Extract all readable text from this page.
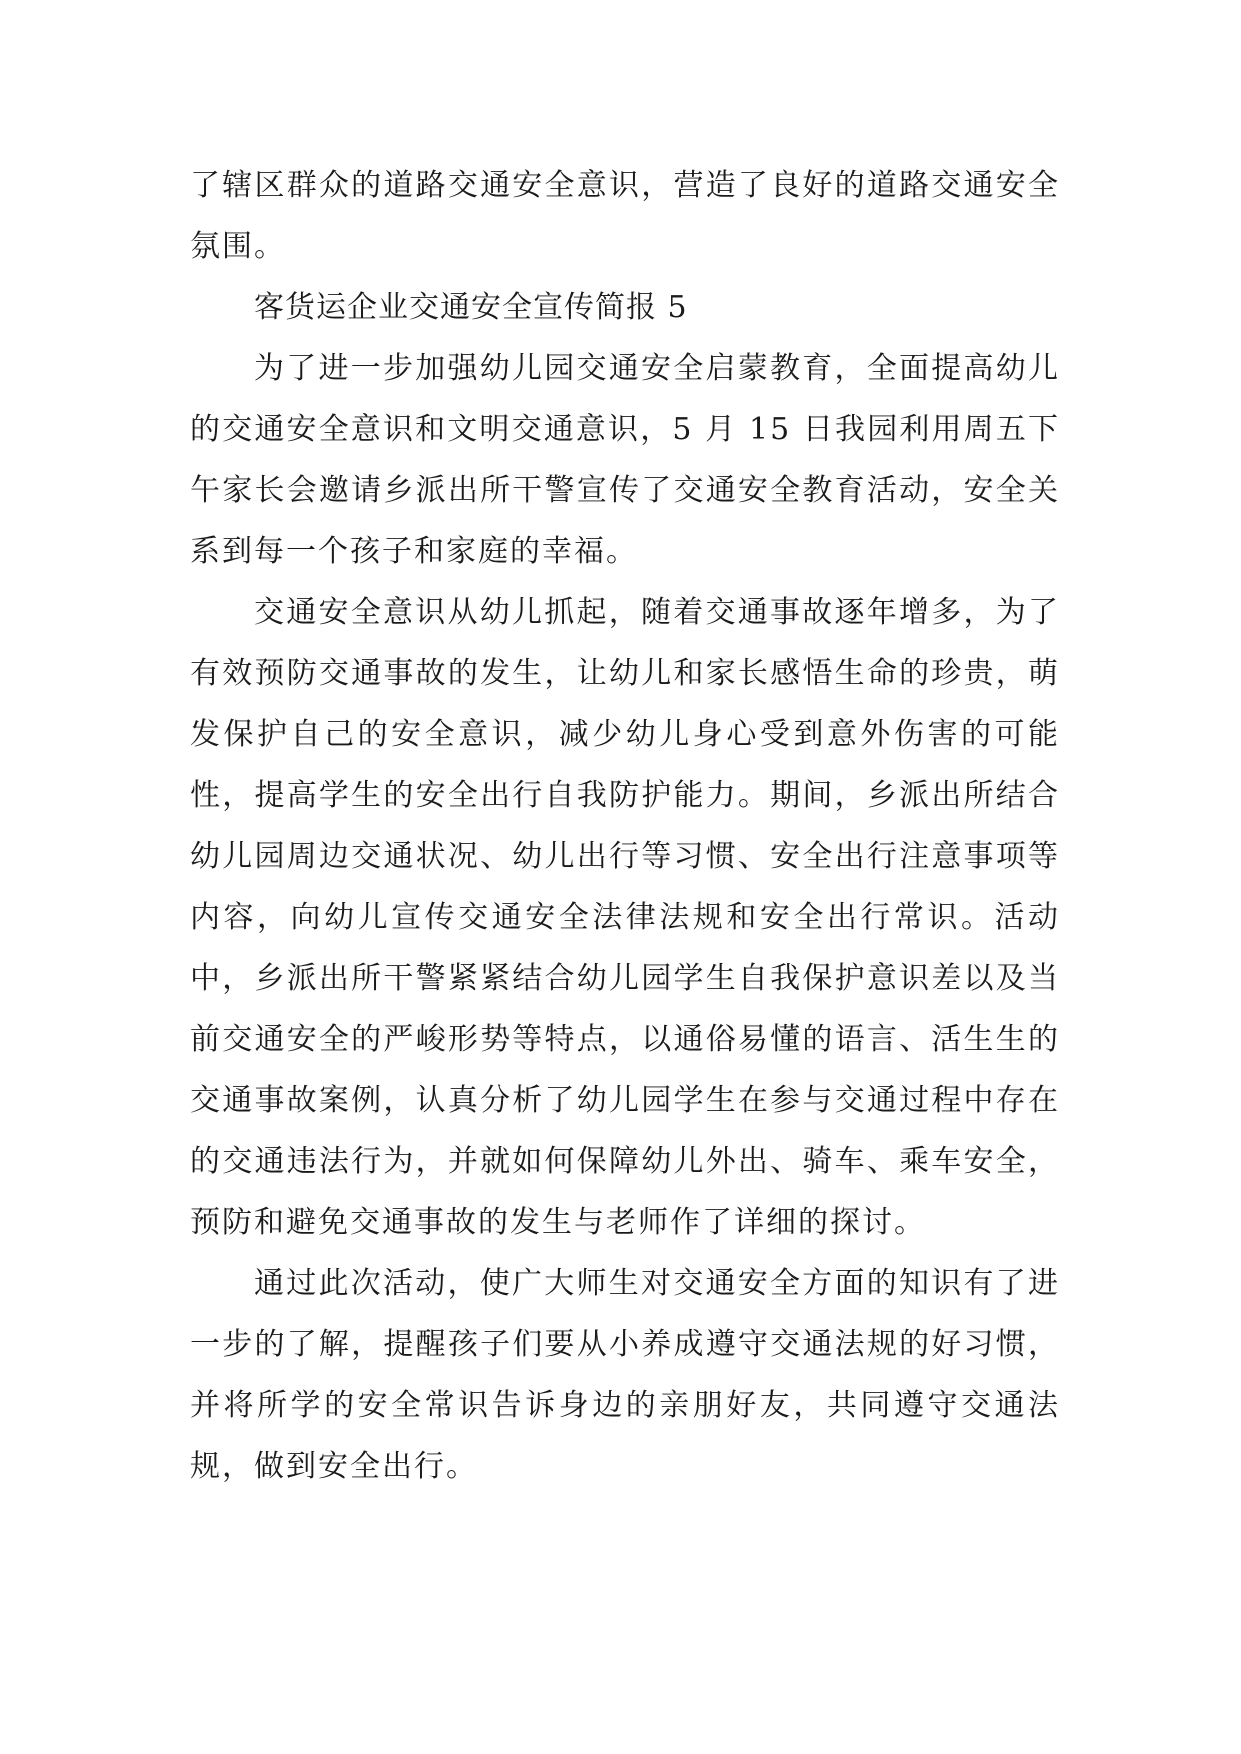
了辖区群众的道路交通安全意识，营造了良好的道路交通安全氛围。

客货运企业交通安全宣传简报 5

为了进一步加强幼儿园交通安全启蒙教育，全面提高幼儿的交通安全意识和文明交通意识，5 月 15 日我园利用周五下午家长会邀请乡派出所干警宣传了交通安全教育活动，安全关系到每一个孩子和家庭的幸福。

交通安全意识从幼儿抓起，随着交通事故逐年增多，为了有效预防交通事故的发生，让幼儿和家长感悟生命的珍贵，萌发保护自己的安全意识，减少幼儿身心受到意外伤害的可能性，提高学生的安全出行自我防护能力。期间，乡派出所结合幼儿园周边交通状况、幼儿出行等习惯、安全出行注意事项等内容，向幼儿宣传交通安全法律法规和安全出行常识。活动中，乡派出所干警紧紧结合幼儿园学生自我保护意识差以及当前交通安全的严峻形势等特点，以通俗易懂的语言、活生生的交通事故案例，认真分析了幼儿园学生在参与交通过程中存在的交通违法行为，并就如何保障幼儿外出、骑车、乘车安全，预防和避免交通事故的发生与老师作了详细的探讨。

通过此次活动，使广大师生对交通安全方面的知识有了进一步的了解，提醒孩子们要从小养成遵守交通法规的好习惯，并将所学的安全常识告诉身边的亲朋好友，共同遵守交通法规，做到安全出行。
